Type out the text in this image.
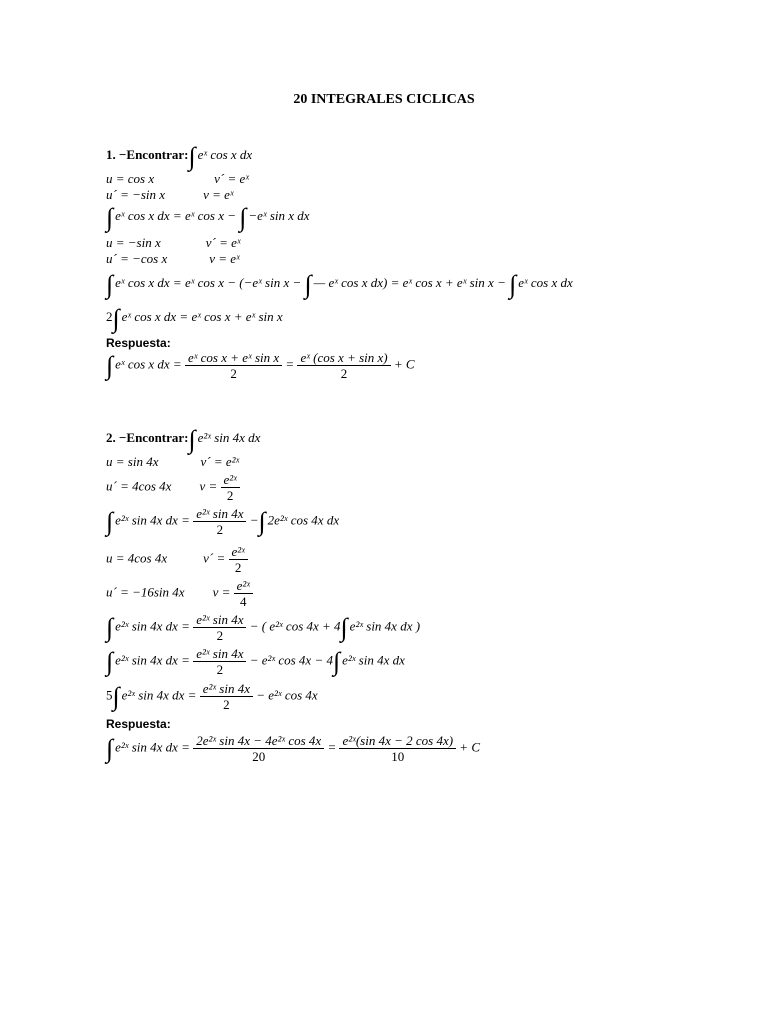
20 INTEGRALES CICLICAS
1. −Encontrar:∫ eˣ cos x dx
u = cos x	v´ = eˣ
u´ = −sin x	v = eˣ
∫ eˣ cos x dx = eˣ cos x − ∫ −eˣ sin x dx
u = −sin x	v´ = eˣ
u´ = −cos x	v = eˣ
∫ eˣ cos x dx = eˣ cos x − (−eˣ sin x − ∫ — eˣ cos x dx) = eˣ cos x + eˣ sin x − ∫ eˣ cos x dx
2∫ eˣ cos x dx = eˣ cos x + eˣ sin x
Respuesta:
∫ eˣ cos x dx = $\frac{\text{eˣ cos x + eˣ sin x}}{2} = \frac{\text{eˣ (cos x + sin x)}}{2} + C$
2. −Encontrar:∫ e²ˣ sin 4x dx
u = sin 4x	v´ = e²ˣ
u´ = 4cos 4x $v = \frac{\text{e²ˣ}}{2}$
∫ e²ˣ sin 4x dx = $\frac{\text{e²ˣ sin 4x}}{2}$ −∫ 2e²ˣ cos 4x dx
u = 4cos 4x	v´ = $\frac{\text{e²ˣ}}{2}$
u´ = −16sin 4x $v = \frac{\text{e²ˣ}}{4}$
∫ e²ˣ sin 4x dx = $\frac{\text{e²ˣ sin 4x}}{2}$ − ( e²ˣ cos 4x + 4∫ e²ˣ sin 4x dx )
∫ e²ˣ sin 4x dx = $\frac{\text{e²ˣ sin 4x}}{2}$ − e²ˣ cos 4x − 4∫ e²ˣ sin 4x dx
5∫ e²ˣ sin 4x dx = $\frac{\text{e²ˣ sin 4x}}{2}$ − e²ˣ cos 4x
Respuesta:
∫ e²ˣ sin 4x dx = $\frac{\text{2e²ˣ sin 4x − 4e²ˣ cos 4x}}{20} = \frac{\text{e²ˣ(sin 4x − 2 cos 4x)}}{10} + C$
